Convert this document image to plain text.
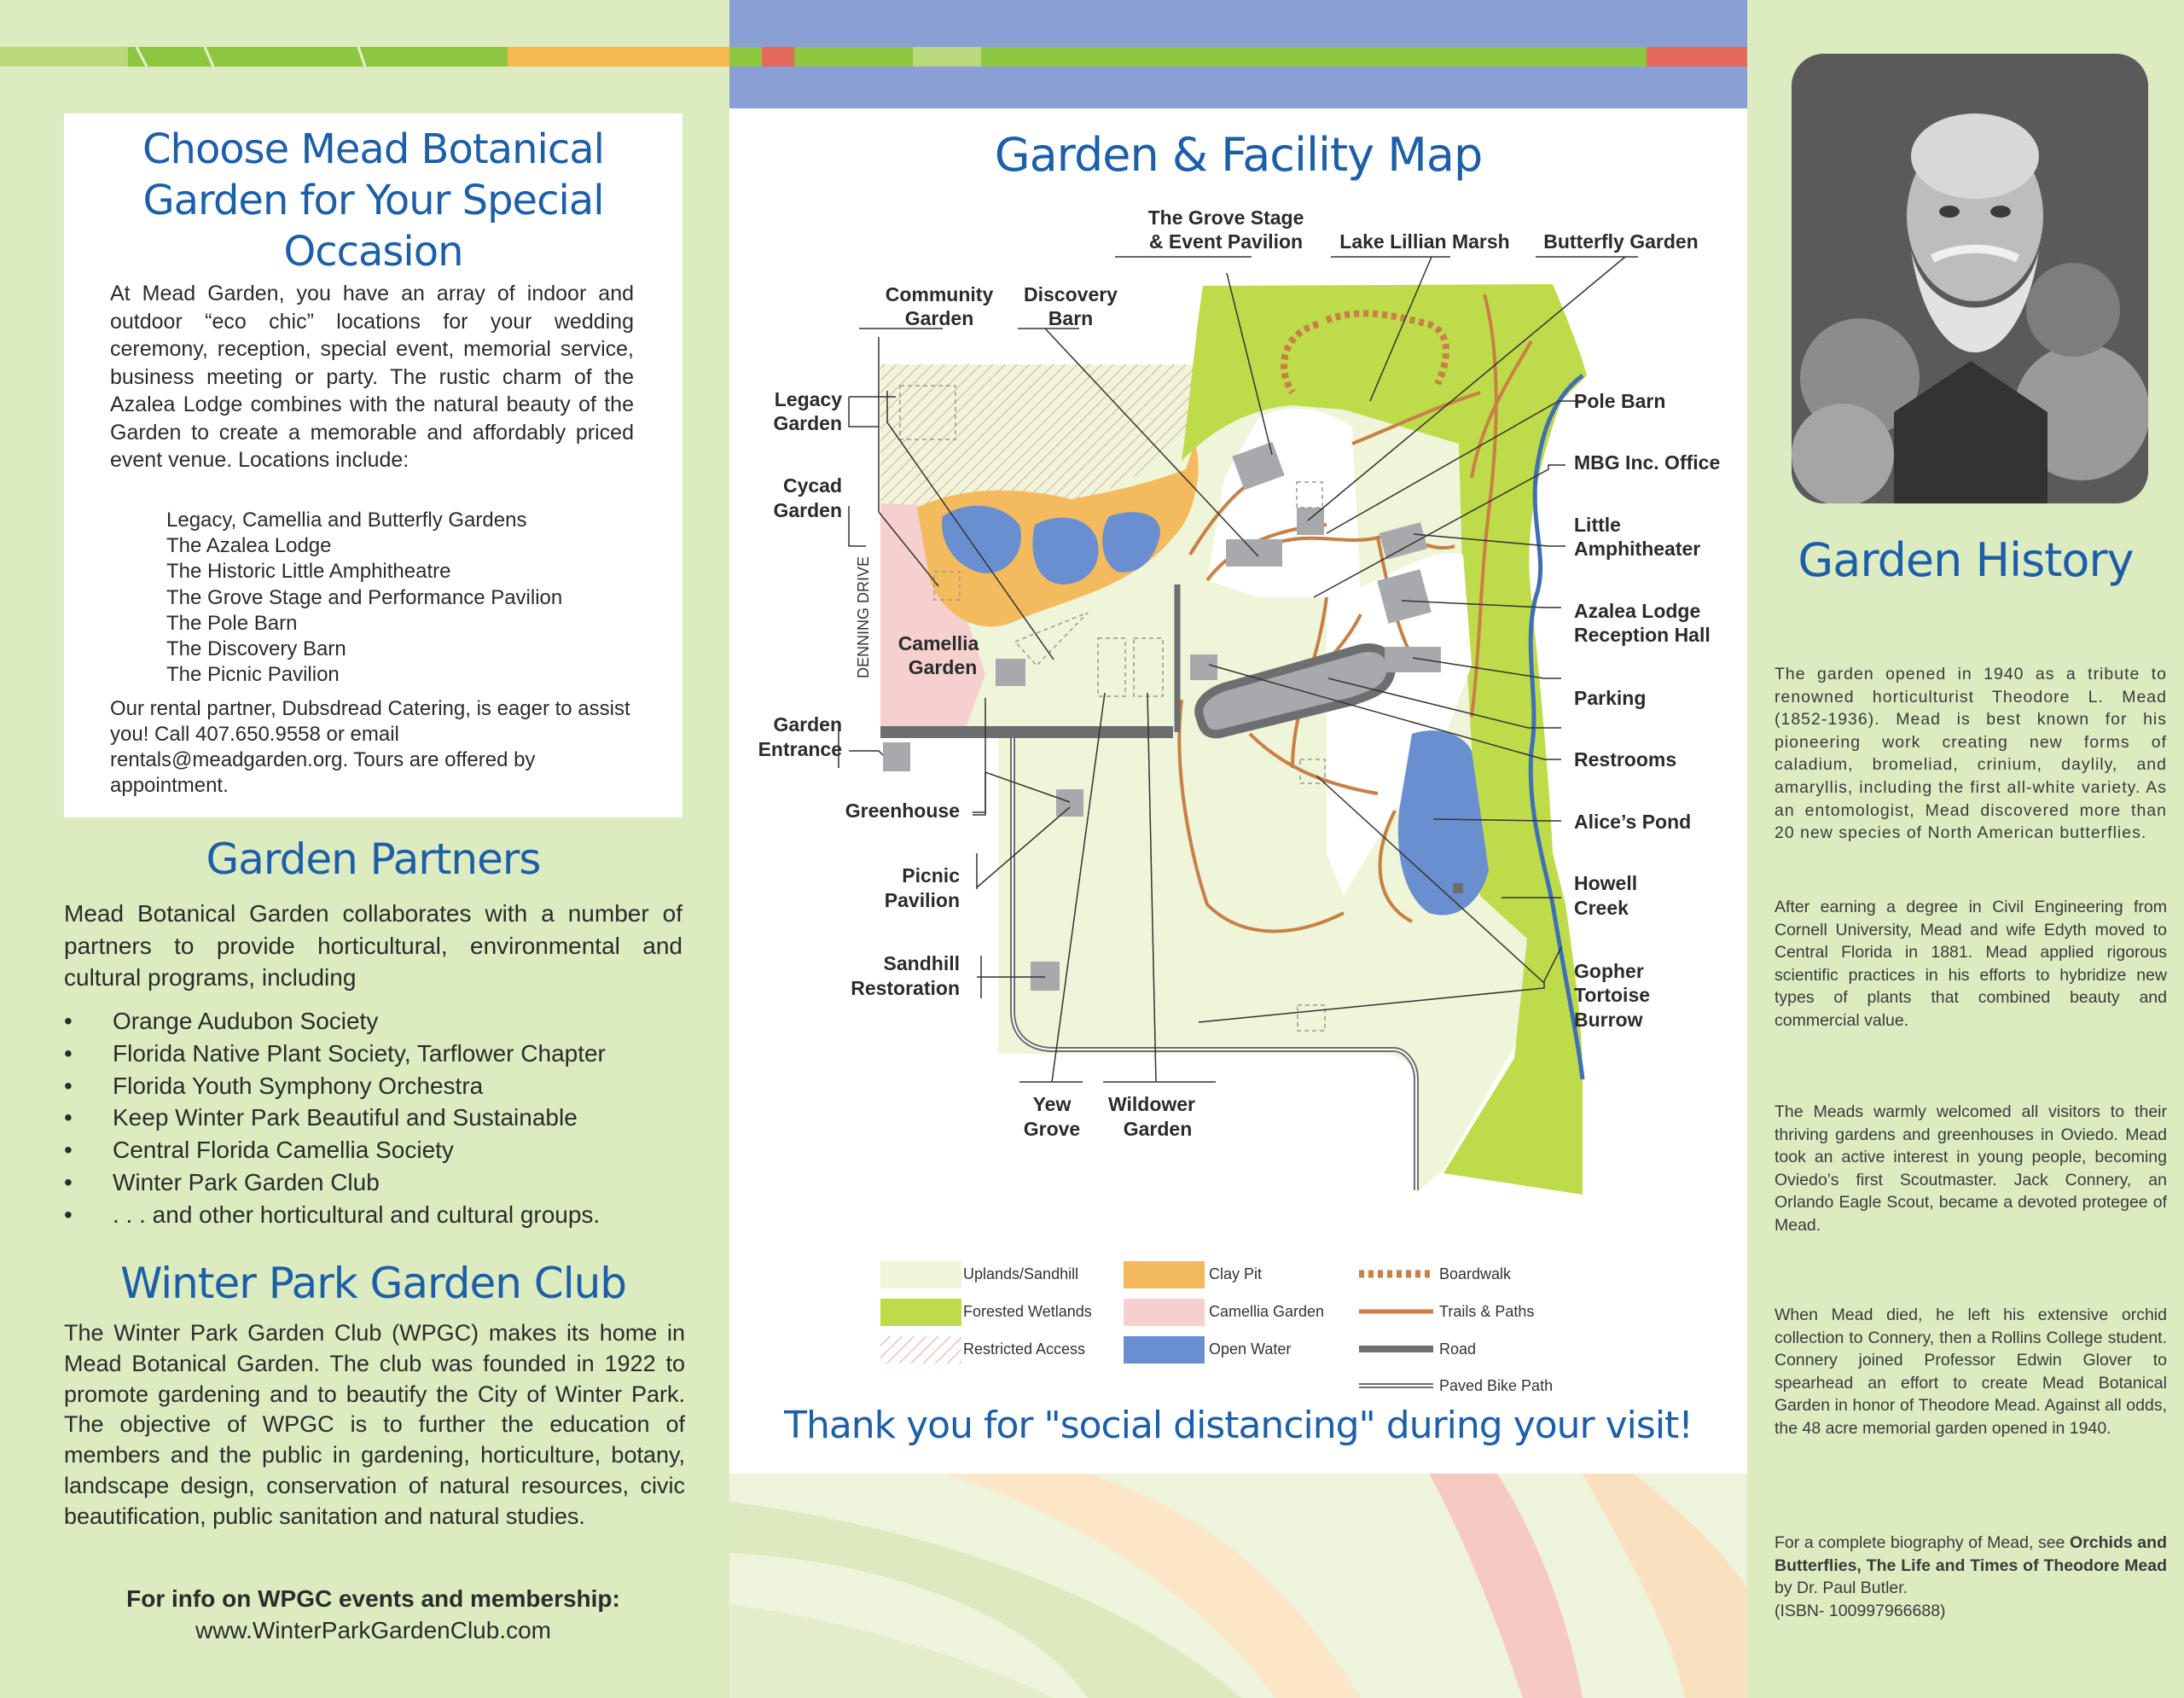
Choose Mead Botanical Garden for Your Special Occasion
At Mead Garden, you have an array of indoor and outdoor “eco chic” locations for your wedding ceremony, reception, special event, memorial service, business meeting or party. The rustic charm of the Azalea Lodge combines with the natural beauty of the Garden to create a memorable and affordably priced event venue. Locations include:
Legacy, Camellia and Butterfly Gardens
The Azalea Lodge
The Historic Little Amphitheatre
The Grove Stage and Performance Pavilion
The Pole Barn
The Discovery Barn
The Picnic Pavilion
Our rental partner, Dubsdread Catering, is eager to assist you! Call 407.650.9558 or email rentals@meadgarden.org. Tours are offered by appointment.
Garden Partners
Mead Botanical Garden collaborates with a number of partners to provide horticultural, environmental and cultural programs, including
• Orange Audubon Society
• Florida Native Plant Society, Tarflower Chapter
• Florida Youth Symphony Orchestra
• Keep Winter Park Beautiful and Sustainable
• Central Florida Camellia Society
• Winter Park Garden Club
• . . . and other horticultural and cultural groups.
Winter Park Garden Club
The Winter Park Garden Club (WPGC) makes its home in Mead Botanical Garden. The club was founded in 1922 to promote gardening and to beautify the City of Winter Park. The objective of WPGC is to further the education of members and the public in gardening, horticulture, botany, landscape design, conservation of natural resources, civic beautification, public sanitation and natural studies.
For info on WPGC events and membership:
www.WinterParkGardenClub.com
DENNING DRIVE
The Grove Stage
& Event Pavilion Lake Lillian Marsh Butterfly Garden
Community
Garden
Discovery
Barn
Legacy
Garden
Cycad
Garden
Camellia
Garden
Garden
Entrance
Greenhouse
Picnic
Pavilion
Sandhill
Restoration
Yew
Grove
Wildower
Garden
Pole Barn
MBG Inc. Office
Little
Amphitheater
Azalea Lodge
Reception Hall
Parking
Restrooms
Alice’s Pond
Howell
Creek
Gopher
Tortoise
Burrow
Uplands/Sandhill
Forested Wetlands
Restricted Access
Clay Pit
Camellia Garden
Open Water
Boardwalk
Trails & Paths
Road
Paved Bike Path
Garden & Facility Map
Thank you for "social distancing" during your visit!
Garden History

The garden opened in 1940 as a tribute to renowned horticulturist Theodore L. Mead (1852-1936). Mead is best known for his pioneering work creating new forms of caladium, bromeliad, crinium, daylily, and amaryllis, including the first all-white variety. As an entomologist, Mead discovered more than 20 new species of North American butterflies.

After earning a degree in Civil Engineering from Cornell University, Mead and wife Edyth moved to Central Florida in 1881. Mead applied rigorous scientific practices in his efforts to hybridize new types of plants that combined beauty and commercial value.

The Meads warmly welcomed all visitors to their thriving gardens and greenhouses in Oviedo. Mead took an active interest in young people, becoming Oviedo’s first Scoutmaster. Jack Connery, an Orlando Eagle Scout, became a devoted protegee of Mead.

When Mead died, he left his extensive orchid collection to Connery, then a Rollins College student. Connery joined Professor Edwin Glover to spearhead an effort to create Mead Botanical Garden in honor of Theodore Mead. Against all odds, the 48 acre memorial garden opened in 1940.

For a complete biography of Mead, see Orchids and Butterflies, The Life and Times of Theodore Mead by Dr. Paul Butler.
(ISBN- 100997966688)
